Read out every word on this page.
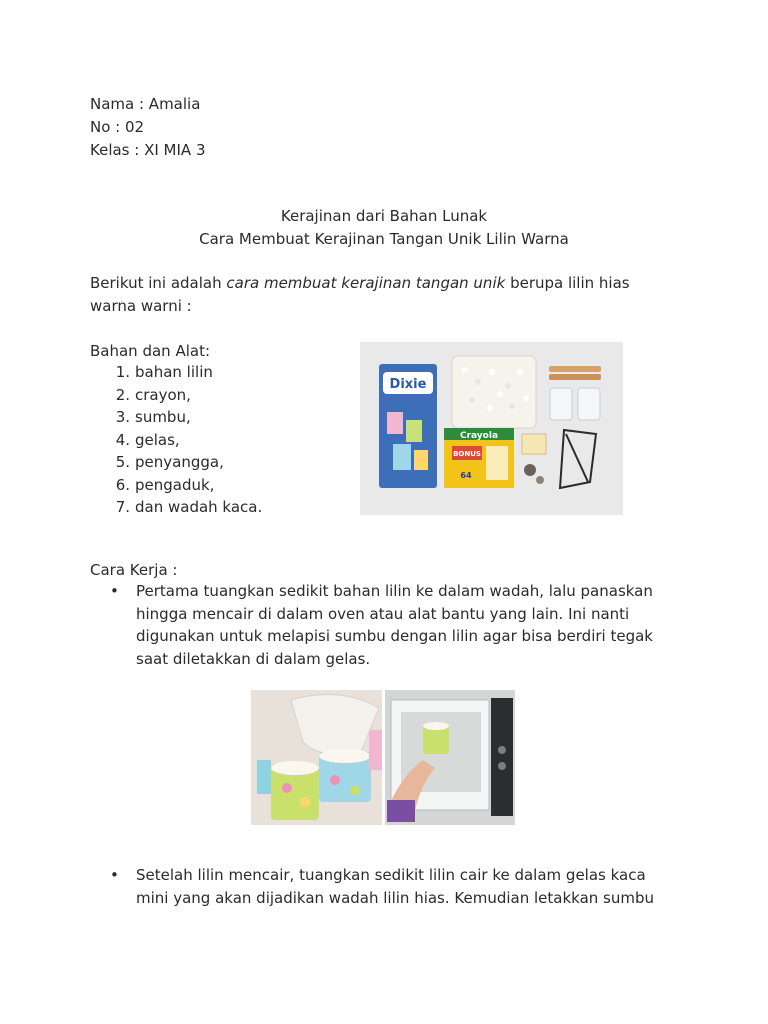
Nama : Amalia
No : 02
Kelas : XI MIA 3
Kerajinan dari Bahan Lunak
Cara Membuat Kerajinan Tangan Unik Lilin Warna
Berikut ini adalah cara membuat kerajinan tangan unik berupa lilin hias
warna warni :
Bahan dan Alat:
1. bahan lilin
2. crayon,
3. sumbu,
4. gelas,
5. penyangga,
6. pengaduk,
7. dan wadah kaca.
Dixie
Crayola
BONUS
64
Cara Kerja :
•	Pertama tuangkan sedikit bahan lilin ke dalam wadah, lalu panaskan
hingga mencair di dalam oven atau alat bantu yang lain. Ini nanti
digunakan untuk melapisi sumbu dengan lilin agar bisa berdiri tegak
saat diletakkan di dalam gelas.
•	Setelah lilin mencair, tuangkan sedikit lilin cair ke dalam gelas kaca
mini yang akan dijadikan wadah lilin hias. Kemudian letakkan sumbu
